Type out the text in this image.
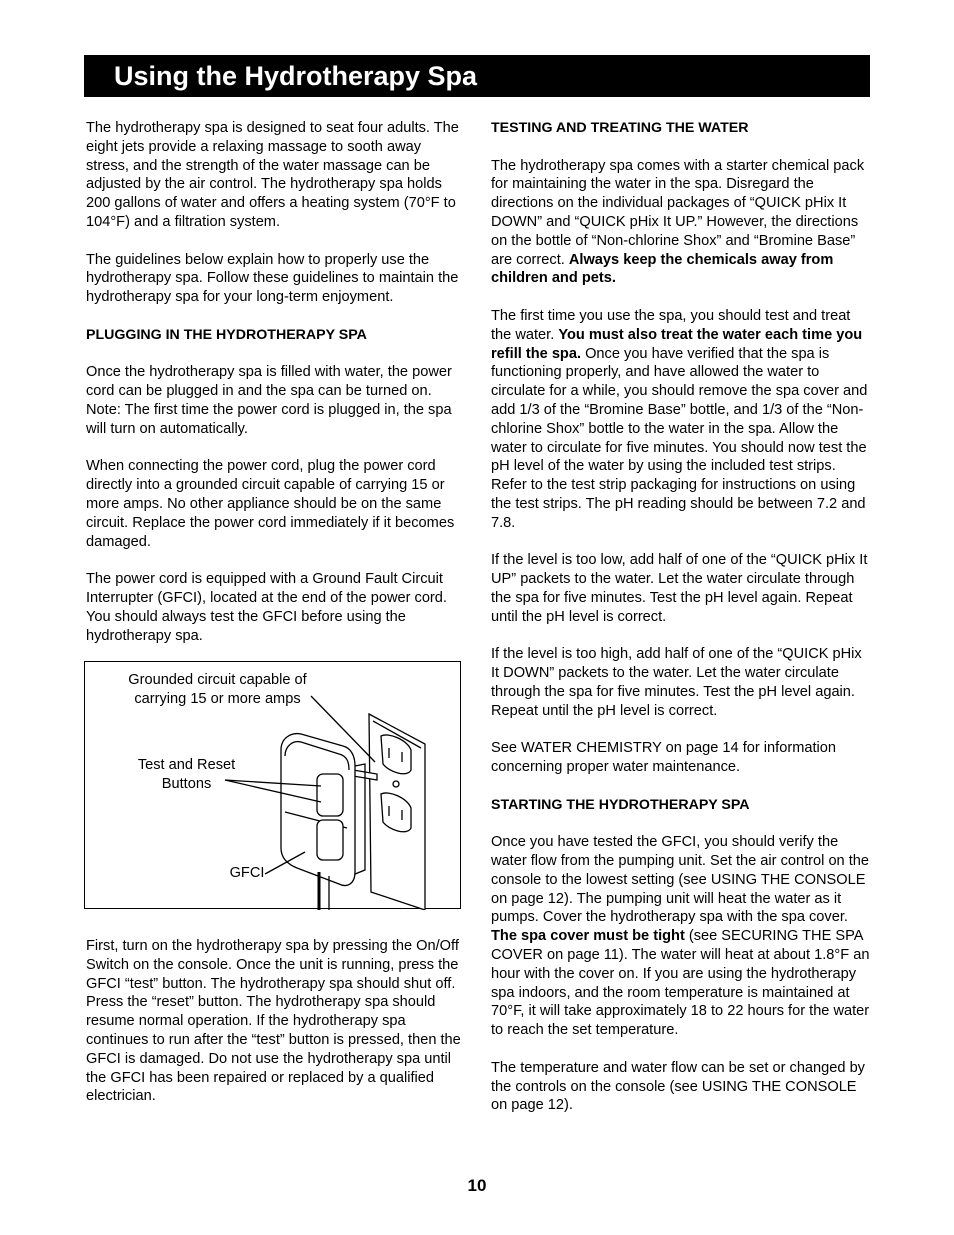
Using the Hydrotherapy Spa

The hydrotherapy spa is designed to seat four adults. The eight jets provide a relaxing massage to sooth away stress, and the strength of the water massage can be adjusted by the air control. The hydrotherapy spa holds 200 gallons of water and offers a heating system (70°F to 104°F) and a filtration system.

The guidelines below explain how to properly use the hydrotherapy spa. Follow these guidelines to maintain the hydrotherapy spa for your long-term enjoyment.

PLUGGING IN THE HYDROTHERAPY SPA

Once the hydrotherapy spa is filled with water, the power cord can be plugged in and the spa can be turned on. Note: The first time the power cord is plugged in, the spa will turn on automatically.

When connecting the power cord, plug the power cord directly into a grounded circuit capable of carrying 15 or more amps. No other appliance should be on the same circuit. Replace the power cord immediately if it becomes damaged.

The power cord is equipped with a Ground Fault Circuit Interrupter (GFCI), located at the end of the power cord. You should always test the GFCI before using the hydrotherapy spa.

Grounded circuit capable of
carrying 15 or more amps
Test and Reset
Buttons
GFCI

First, turn on the hydrotherapy spa by pressing the On/Off Switch on the console. Once the unit is running, press the GFCI “test” button. The hydrotherapy spa should shut off. Press the “reset” button. The hydrotherapy spa should resume normal operation. If the hydrotherapy spa continues to run after the “test” button is pressed, then the GFCI is damaged. Do not use the hydrotherapy spa until the GFCI has been repaired or replaced by a qualified electrician.

TESTING AND TREATING THE WATER

The hydrotherapy spa comes with a starter chemical pack for maintaining the water in the spa. Disregard the directions on the individual packages of “QUICK pHix It DOWN” and “QUICK pHix It UP.” However, the directions on the bottle of “Non-chlorine Shox” and “Bromine Base” are correct. Always keep the chemicals away from children and pets.

The first time you use the spa, you should test and treat the water. You must also treat the water each time you refill the spa. Once you have verified that the spa is functioning properly, and have allowed the water to circulate for a while, you should remove the spa cover and add 1/3 of the “Bromine Base” bottle, and 1/3 of the “Non-chlorine Shox” bottle to the water in the spa. Allow the water to circulate for five minutes. You should now test the pH level of the water by using the included test strips. Refer to the test strip packaging for instructions on using the test strips. The pH reading should be between 7.2 and 7.8.

If the level is too low, add half of one of the “QUICK pHix It UP” packets to the water. Let the water circulate through the spa for five minutes. Test the pH level again. Repeat until the pH level is correct.

If the level is too high, add half of one of the “QUICK pHix It DOWN” packets to the water. Let the water circulate through the spa for five minutes. Test the pH level again. Repeat until the pH level is correct.

See WATER CHEMISTRY on page 14 for information concerning proper water maintenance.

STARTING THE HYDROTHERAPY SPA

Once you have tested the GFCI, you should verify the water flow from the pumping unit. Set the air control on the console to the lowest setting (see USING THE CONSOLE on page 12). The pumping unit will heat the water as it pumps. Cover the hydrotherapy spa with the spa cover. The spa cover must be tight (see SECURING THE SPA COVER on page 11). The water will heat at about 1.8°F an hour with the cover on. If you are using the hydrotherapy spa indoors, and the room temperature is maintained at 70°F, it will take approximately 18 to 22 hours for the water to reach the set temperature.

The temperature and water flow can be set or changed by the controls on the console (see USING THE CONSOLE on page 12).

10
